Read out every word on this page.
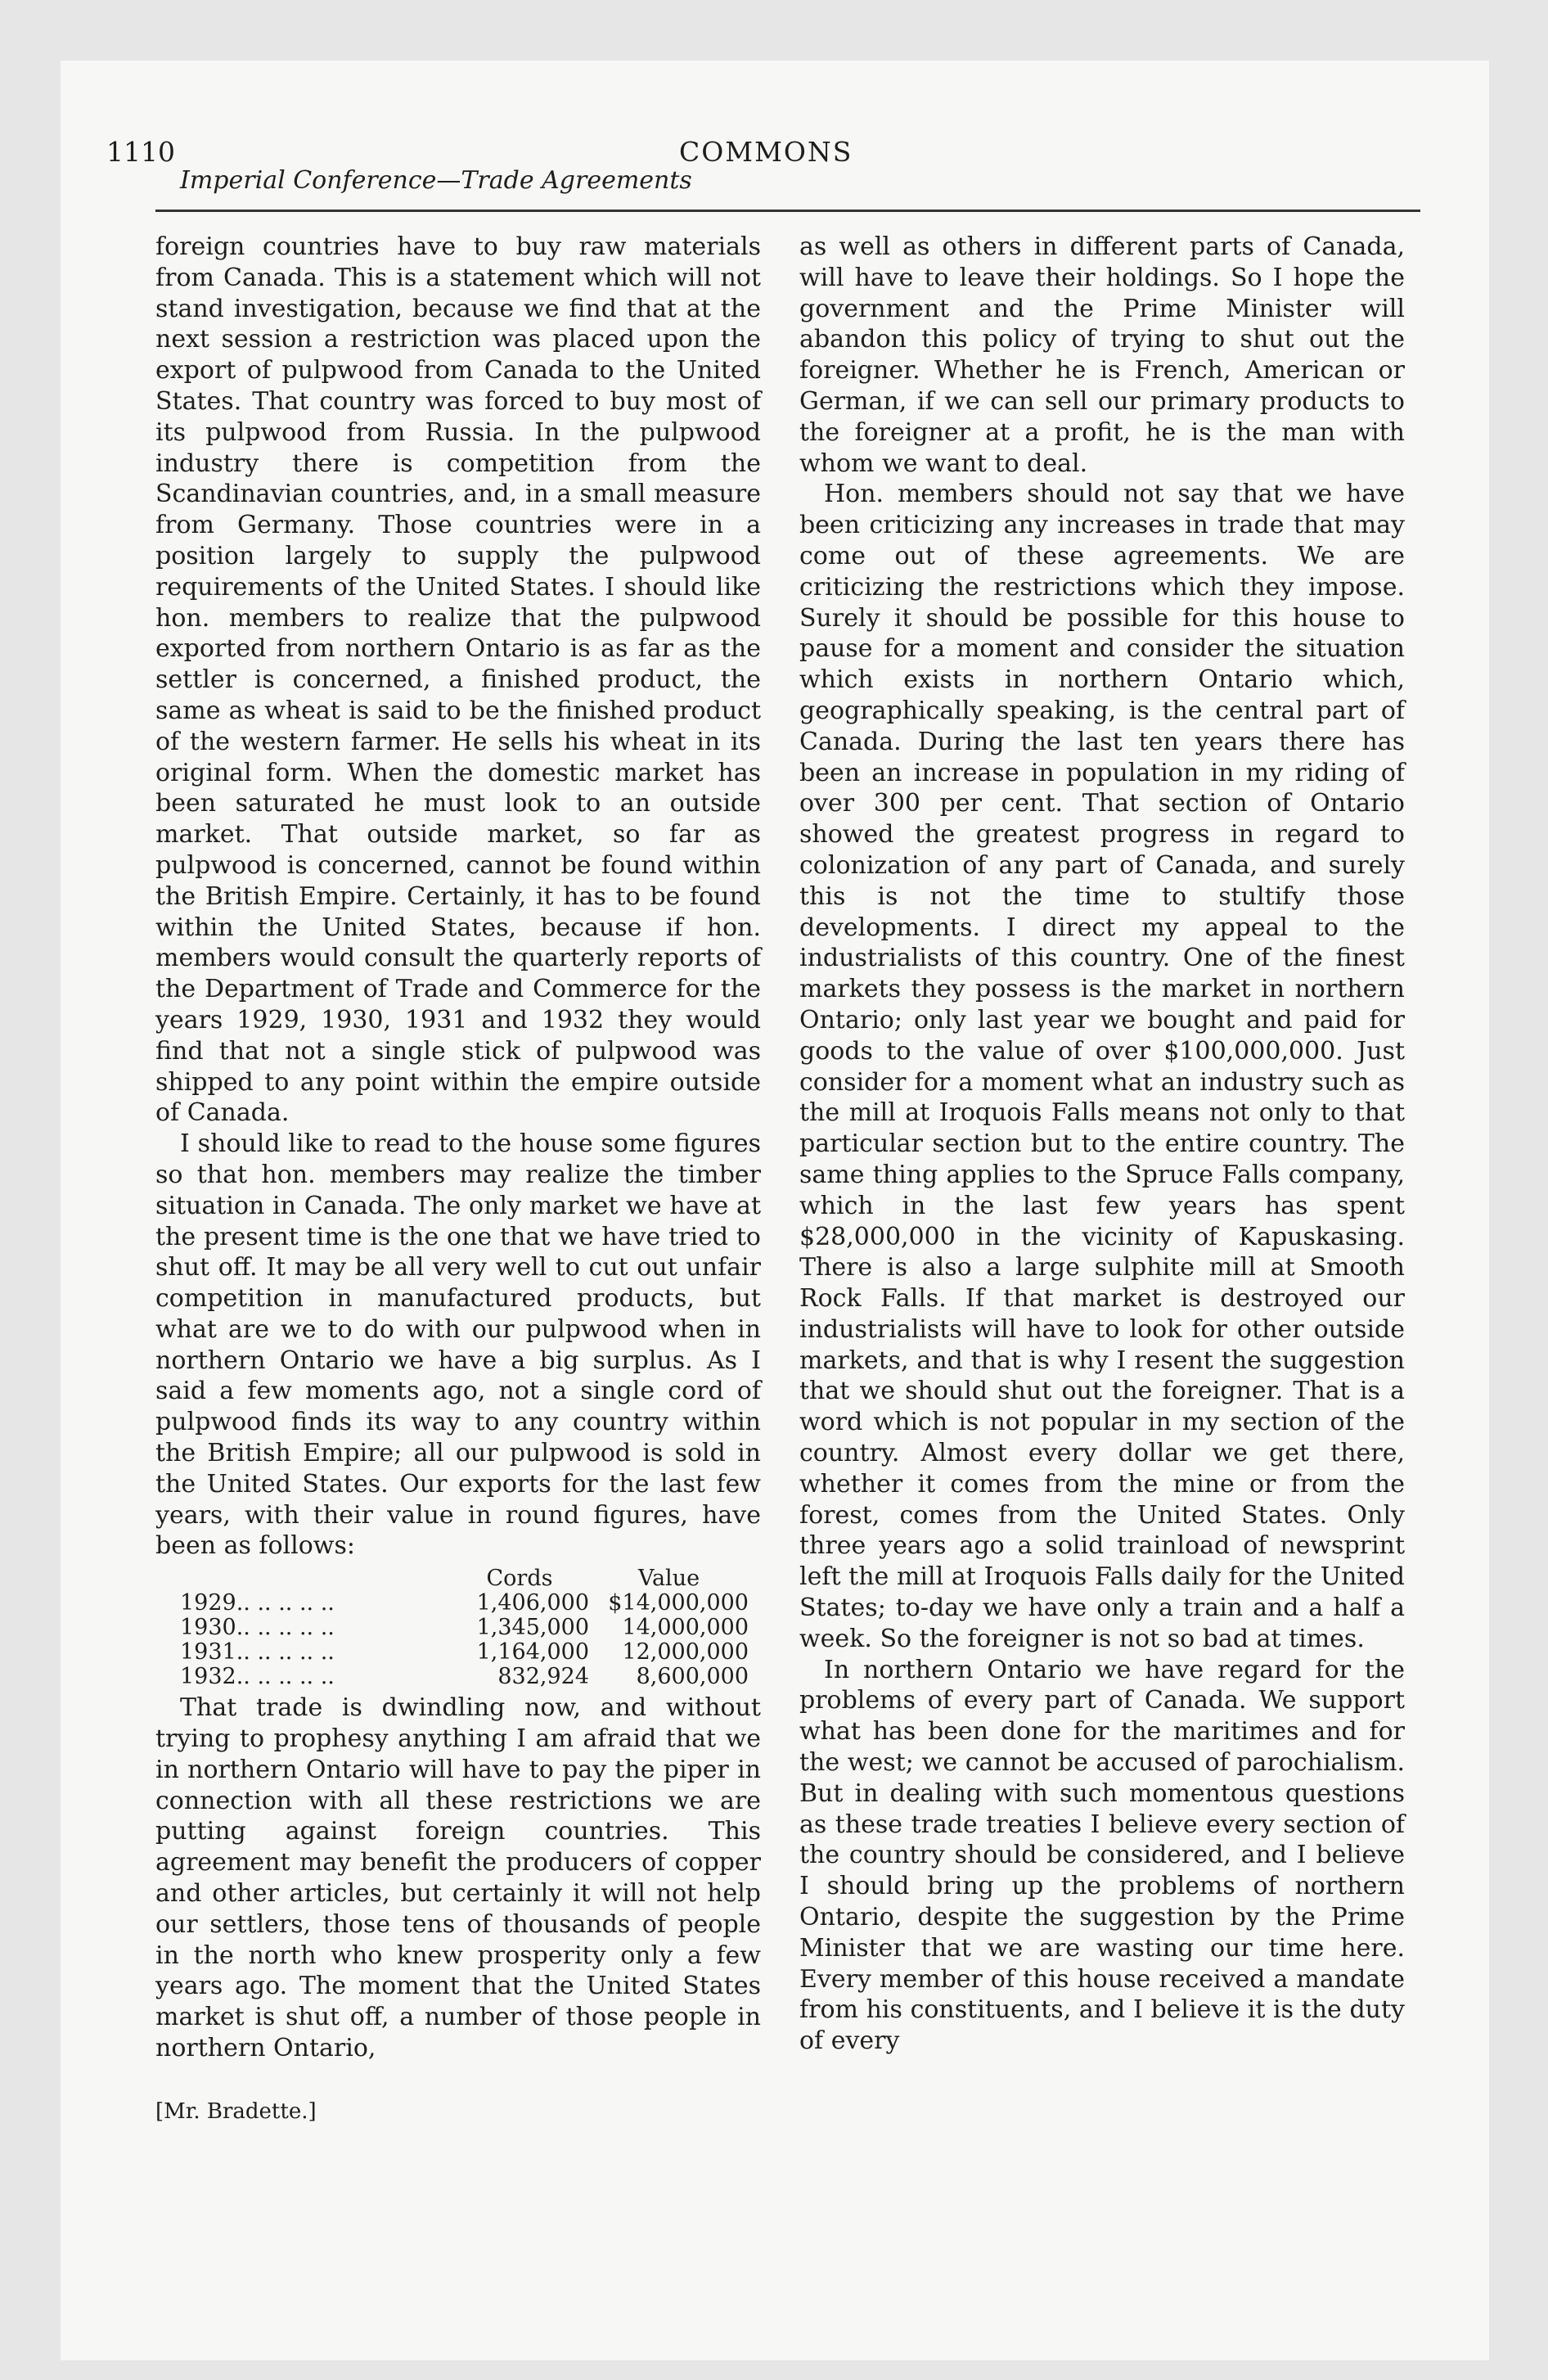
1110	COMMONS
Imperial Conference—Trade Agreements

foreign countries have to buy raw materials from Canada. This is a statement which will not stand investigation, because we find that at the next session a restriction was placed upon the export of pulpwood from Canada to the United States. That country was forced to buy most of its pulpwood from Russia. In the pulpwood industry there is competition from the Scandinavian countries, and, in a small measure from Germany. Those countries were in a position largely to supply the pulpwood requirements of the United States. I should like hon. members to realize that the pulpwood exported from northern Ontario is as far as the settler is concerned, a finished product, the same as wheat is said to be the finished product of the western farmer. He sells his wheat in its original form. When the domestic market has been saturated he must look to an outside market. That outside market, so far as pulpwood is concerned, cannot be found within the British Empire. Certainly, it has to be found within the United States, because if hon. members would consult the quarterly reports of the Department of Trade and Commerce for the years 1929, 1930, 1931 and 1932 they would find that not a single stick of pulpwood was shipped to any point within the empire outside of Canada.

I should like to read to the house some figures so that hon. members may realize the timber situation in Canada. The only market we have at the present time is the one that we have tried to shut off. It may be all very well to cut out unfair competition in manufactured products, but what are we to do with our pulpwood when in northern Ontario we have a big surplus. As I said a few moments ago, not a single cord of pulpwood finds its way to any country within the British Empire; all our pulpwood is sold in the United States. Our exports for the last few years, with their value in round figures, have been as follows:

Cords	Value
1929.. .. .. .. ..	1,406,000 $14,000,000
1930.. .. .. .. ..	1,345,000	14,000,000
1931.. .. .. .. ..	1,164,000	12,000,000
1932.. .. .. .. ..	832,924	8,600,000

That trade is dwindling now, and without trying to prophesy anything I am afraid that we in northern Ontario will have to pay the piper in connection with all these restrictions we are putting against foreign countries. This agreement may benefit the producers of copper and other articles, but certainly it will not help our settlers, those tens of thousands of people in the north who knew prosperity only a few years ago. The moment that the United States market is shut off, a number of those people in northern Ontario,

as well as others in different parts of Canada, will have to leave their holdings. So I hope the government and the Prime Minister will abandon this policy of trying to shut out the foreigner. Whether he is French, American or German, if we can sell our primary products to the foreigner at a profit, he is the man with whom we want to deal.

Hon. members should not say that we have been criticizing any increases in trade that may come out of these agreements. We are criticizing the restrictions which they impose. Surely it should be possible for this house to pause for a moment and consider the situation which exists in northern Ontario which, geographically speaking, is the central part of Canada. During the last ten years there has been an increase in population in my riding of over 300 per cent. That section of Ontario showed the greatest progress in regard to colonization of any part of Canada, and surely this is not the time to stultify those developments. I direct my appeal to the industrialists of this country. One of the finest markets they possess is the market in northern Ontario; only last year we bought and paid for goods to the value of over $100,000,000. Just consider for a moment what an industry such as the mill at Iroquois Falls means not only to that particular section but to the entire country. The same thing applies to the Spruce Falls company, which in the last few years has spent $28,000,000 in the vicinity of Kapuskasing. There is also a large sulphite mill at Smooth Rock Falls. If that market is destroyed our industrialists will have to look for other outside markets, and that is why I resent the suggestion that we should shut out the foreigner. That is a word which is not popular in my section of the country. Almost every dollar we get there, whether it comes from the mine or from the forest, comes from the United States. Only three years ago a solid trainload of newsprint left the mill at Iroquois Falls daily for the United States; to-day we have only a train and a half a week. So the foreigner is not so bad at times.

In northern Ontario we have regard for the problems of every part of Canada. We support what has been done for the maritimes and for the west; we cannot be accused of parochialism. But in dealing with such momentous questions as these trade treaties I believe every section of the country should be considered, and I believe I should bring up the problems of northern Ontario, despite the suggestion by the Prime Minister that we are wasting our time here. Every member of this house received a mandate from his constituents, and I believe it is the duty of every

[Mr. Bradette.]
